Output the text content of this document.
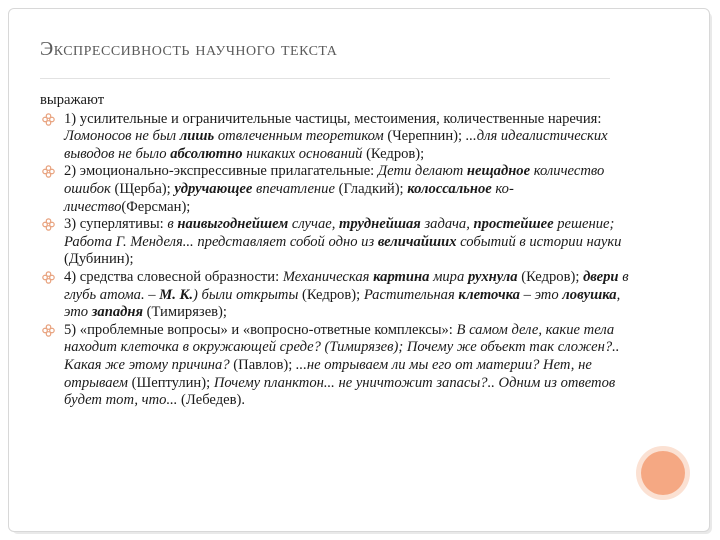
Экспрессивность научного текста
выражают
1) усилительные и ограничительные частицы, местоимения, количественные наречия: Ломоносов не был лишь отвлеченным теоретиком (Черепнин); ...для идеалистических выводов не было абсолютно никаких оснований (Кедров);
2) эмоционально-экспрессивные прилагательные: Дети делают нещадное количество ошибок (Щерба); удручающее впечатление (Гладкий); колоссальное ко-личество(Ферсман);
3) суперлятивы: в наивыгоднейшем случае, труднейшая задача, простейшее решение; Работа Г. Менделя... представляет собой одно из величайших событий в истории науки (Дубинин);
4) средства словесной образности: Механическая картина мира рухнула (Кедров); двери в глубь атома. – М. К.) были открыты (Кедров); Растительная клеточка – это ловушка, это западня (Тимирязев);
5) «проблемные вопросы» и «вопросно-ответные комплексы»: В самом деле, какие тела находит клеточка в окружающей среде? (Тимирязев); Почему же объект так сложен?.. Какая же этому причина? (Павлов); ...не отрываем ли мы его от материи? Нет, не отрываем (Шептулин); Почему планктон... не уничтожит запасы?.. Одним из ответов будет тот, что... (Лебедев).
